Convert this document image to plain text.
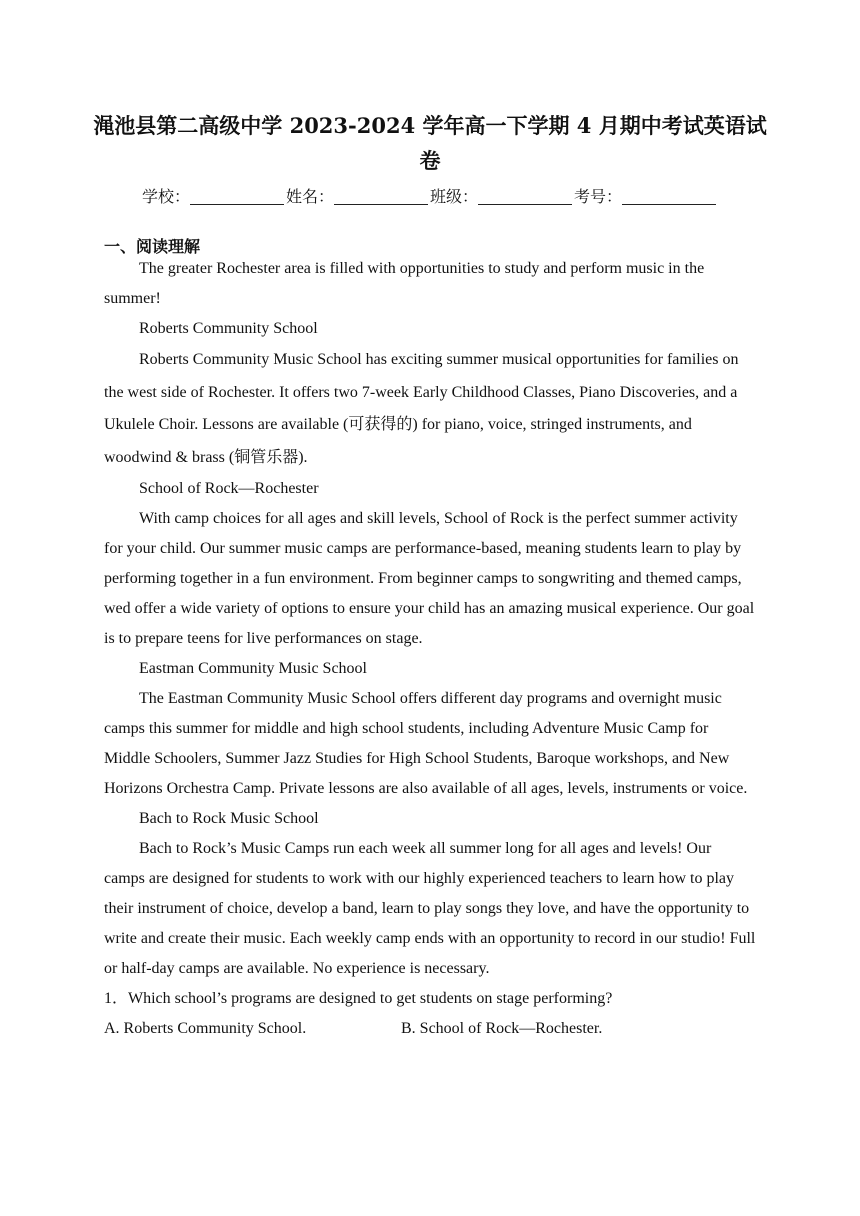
渑池县第二高级中学 2023-2024 学年高一下学期 4 月期中考试英语试卷
学校：	姓名：	班级：	考号：
一、阅读理解

The greater Rochester area is filled with opportunities to study and perform music in the summer!

Roberts Community School

Roberts Community Music School has exciting summer musical opportunities for families on the west side of Rochester. It offers two 7-week Early Childhood Classes, Piano Discoveries, and a Ukulele Choir. Lessons are available (可获得的) for piano, voice, stringed instruments, and woodwind & brass (铜管乐器).

School of Rock—Rochester

With camp choices for all ages and skill levels, School of Rock is the perfect summer activity for your child. Our summer music camps are performance-based, meaning students learn to play by performing together in a fun environment. From beginner camps to songwriting and themed camps, wed offer a wide variety of options to ensure your child has an amazing musical experience. Our goal is to prepare teens for live performances on stage.

Eastman Community Music School

The Eastman Community Music School offers different day programs and overnight music camps this summer for middle and high school students, including Adventure Music Camp for Middle Schoolers, Summer Jazz Studies for High School Students, Baroque workshops, and New Horizons Orchestra Camp. Private lessons are also available of all ages, levels, instruments or voice.

Bach to Rock Music School

Bach to Rock’s Music Camps run each week all summer long for all ages and levels! Our camps are designed for students to work with our highly experienced teachers to learn how to play their instrument of choice, develop a band, learn to play songs they love, and have the opportunity to write and create their music. Each weekly camp ends with an opportunity to record in our studio! Full or half-day camps are available. No experience is necessary.

1．Which school’s programs are designed to get students on stage performing?

A. Roberts Community School.	B. School of Rock—Rochester.
